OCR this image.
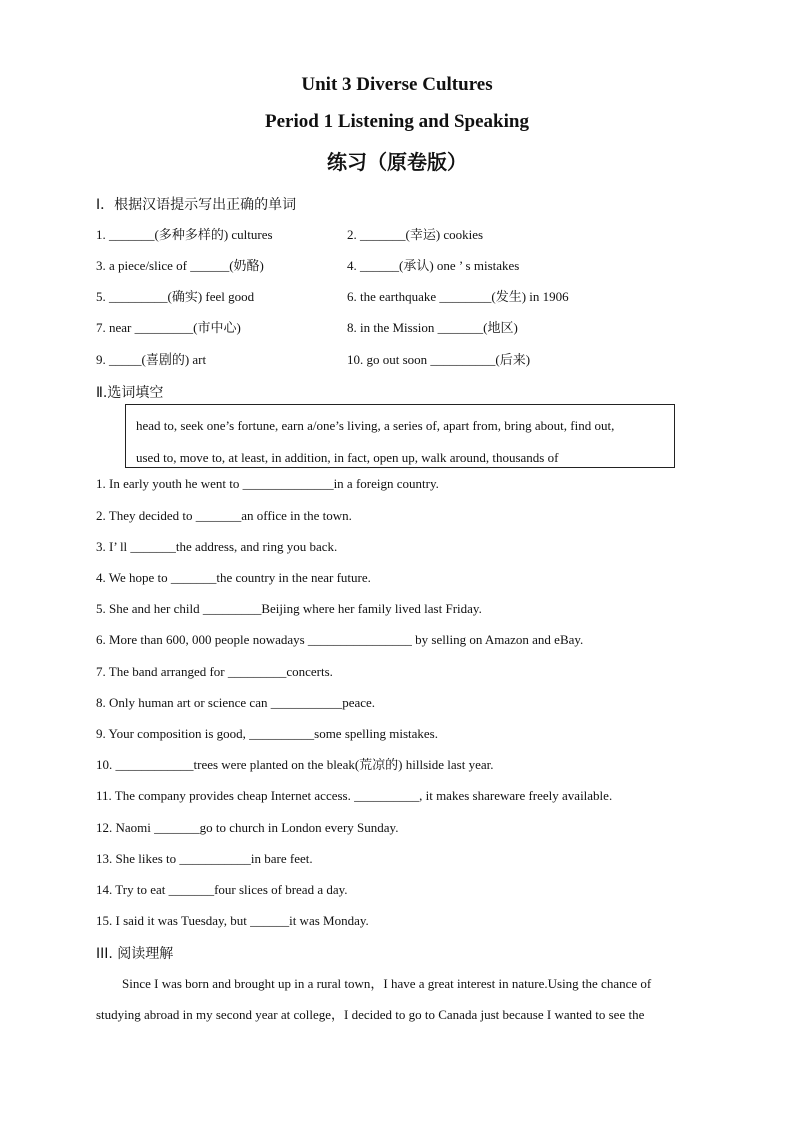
Unit 3 Diverse Cultures
Period 1 Listening and Speaking
练习（原卷版）
Ⅰ．根据汉语提示写出正确的单词
1. _______(多种多样的) cultures	2. _______(幸运) cookies
3. a piece/slice of ______(奶酪)	4. ______(承认) one ’ s mistakes
5. _________(确实) feel good	6. the earthquake ________(发生) in 1906
7. near _________(市中心)	8. in the Mission _______(地区)
9. _____(喜剧的) art	10. go out soon __________(后来)
Ⅱ.选词填空
head to, seek one’s fortune, earn a/one’s living, a series of, apart from, bring about, find out,
used to, move to, at least, in addition, in fact, open up, walk around, thousands of
1. In early youth he went to ______________in a foreign country.
2. They decided to _______an office in the town.
3. I’ ll _______the address, and ring you back.
4. We hope to _______the country in the near future.
5. She and her child _________Beijing where her family lived last Friday.
6. More than 600, 000 people nowadays ________________ by selling on Amazon and eBay.
7. The band arranged for _________concerts.
8. Only human art or science can ___________peace.
9. Your composition is good, __________some spelling mistakes.
10. ____________trees were planted on the bleak(荒凉的) hillside last year.
11. The company provides cheap Internet access. __________, it makes shareware freely available.
12. Naomi _______go to church in London every Sunday.
13. She likes to ___________in bare feet.
14. Try to eat _______four slices of bread a day.
15. I said it was Tuesday, but ______it was Monday.
III. 阅读理解
Since I was born and brought up in a rural town，I have a great interest in nature.Using the chance of
studying abroad in my second year at college，I decided to go to Canada just because I wanted to see the
